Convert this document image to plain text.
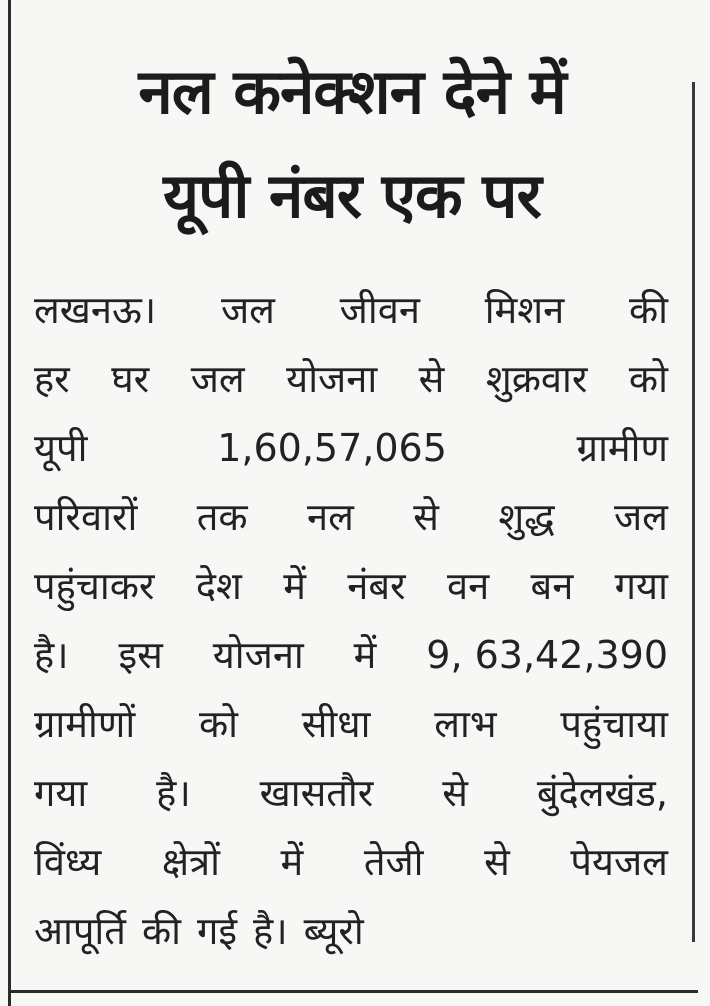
नल कनेक्शन देने में
यूपी नंबर एक पर
लखनऊ। जल जीवन मिशन की
हर घर जल योजना से शुक्रवार को
यूपी	1,60,57,065	ग्रामीण
परिवारों तक नल से शुद्ध जल
पहुंचाकर देश में नंबर वन बन गया
है। इस योजना में 9, 63,42,390
ग्रामीणों को सीधा लाभ पहुंचाया
गया है। खासतौर से बुंदेलखंड,
विंध्य क्षेत्रों में तेजी से पेयजल
आपूर्ति की गई है। ब्यूरो
